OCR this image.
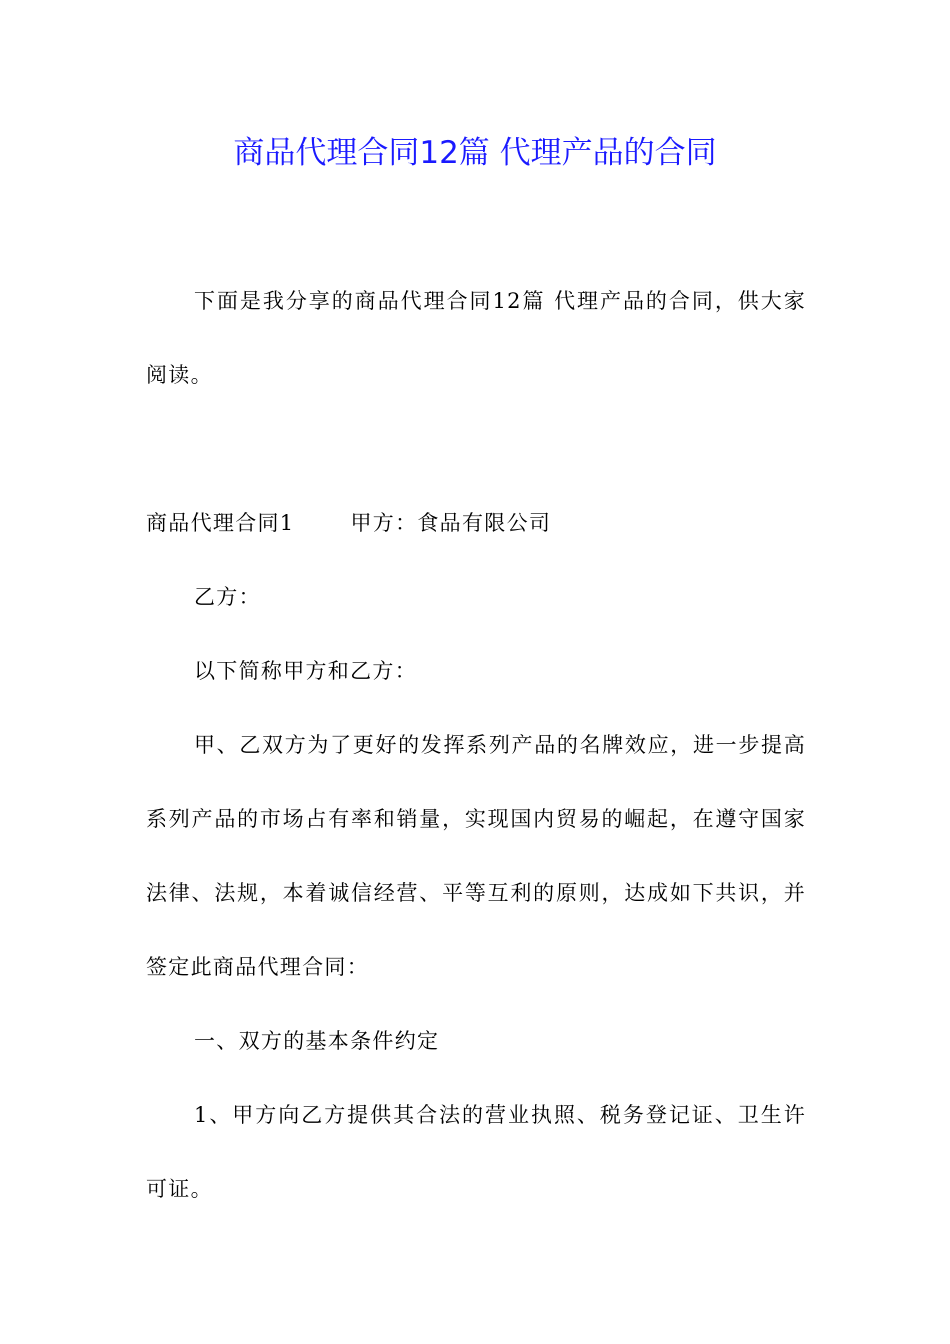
商品代理合同12篇 代理产品的合同

下面是我分享的商品代理合同12篇 代理产品的合同，供大家阅读。

商品代理合同1	甲方：食品有限公司

乙方：

以下简称甲方和乙方：

甲、乙双方为了更好的发挥系列产品的名牌效应，进一步提高系列产品的市场占有率和销量，实现国内贸易的崛起，在遵守国家法律、法规，本着诚信经营、平等互利的原则，达成如下共识，并签定此商品代理合同：

一、双方的基本条件约定

1、甲方向乙方提供其合法的营业执照、税务登记证、卫生许可证。
